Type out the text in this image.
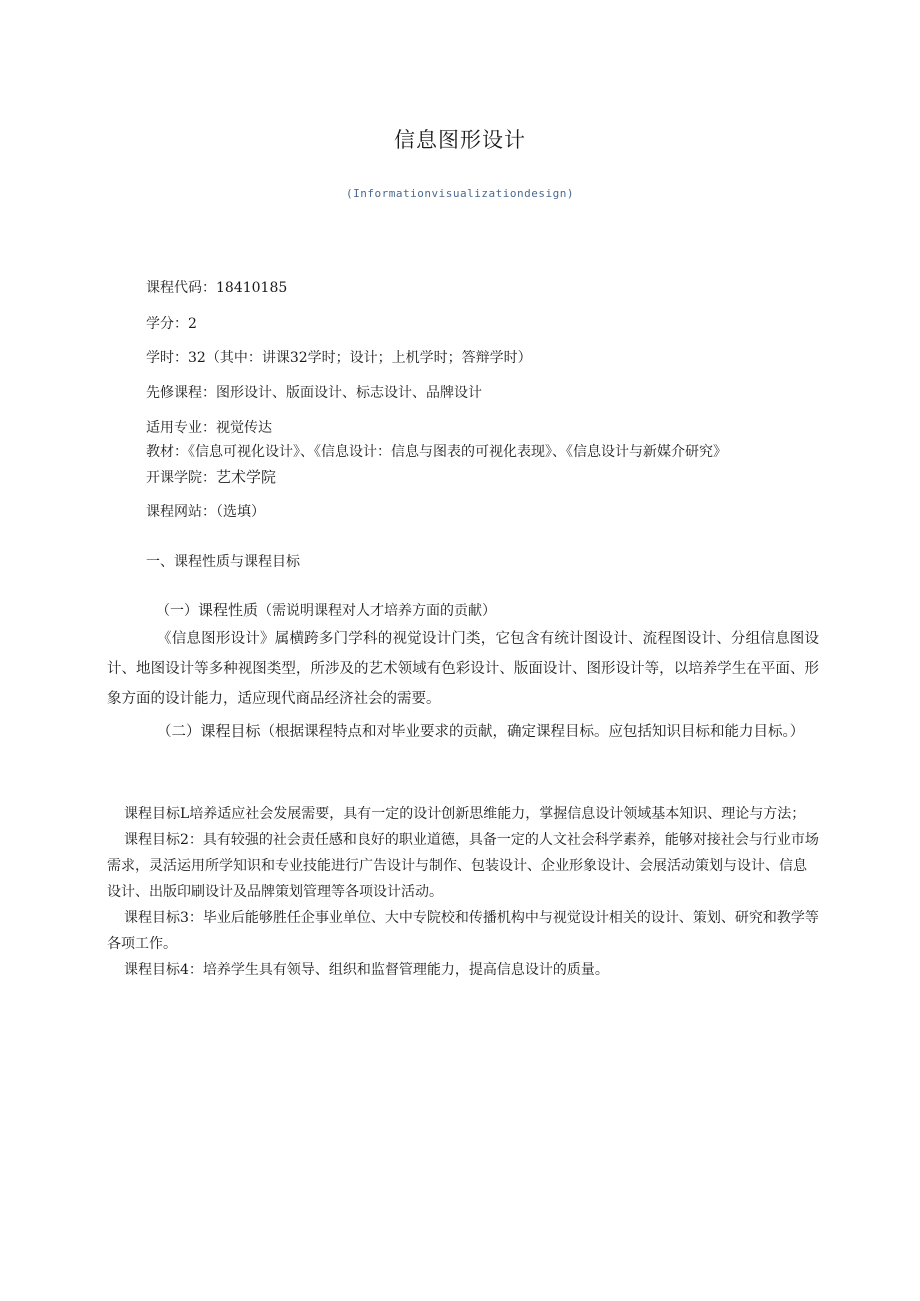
信息图形设计
(Informationvisualizationdesign)
课程代码：18410185
学分：2
学时：32（其中：讲课32学时；设计；上机学时；答辩学时）
先修课程：图形设计、版面设计、标志设计、品牌设计
适用专业：视觉传达
教材：《信息可视化设计》、《信息设计：信息与图表的可视化表现》、《信息设计与新媒介研究》
开课学院：艺术学院
课程网站：（选填）
一、课程性质与课程目标
（一）课程性质（需说明课程对人才培养方面的贡献）
《信息图形设计》属横跨多门学科的视觉设计门类，它包含有统计图设计、流程图设计、分组信息图设计、地图设计等多种视图类型，所涉及的艺术领域有色彩设计、版面设计、图形设计等，以培养学生在平面、形象方面的设计能力，适应现代商品经济社会的需要。
（二）课程目标（根据课程特点和对毕业要求的贡献，确定课程目标。应包括知识目标和能力目标。）

课程目标L培养适应社会发展需要，具有一定的设计创新思维能力，掌握信息设计领域基本知识、理论与方法；

课程目标2：具有较强的社会责任感和良好的职业道德，具备一定的人文社会科学素养，能够对接社会与行业市场需求，灵活运用所学知识和专业技能进行广告设计与制作、包装设计、企业形象设计、会展活动策划与设计、信息设计、出版印刷设计及品牌策划管理等各项设计活动。

课程目标3：毕业后能够胜任企事业单位、大中专院校和传播机构中与视觉设计相关的设计、策划、研究和教学等各项工作。

课程目标4：培养学生具有领导、组织和监督管理能力，提高信息设计的质量。
